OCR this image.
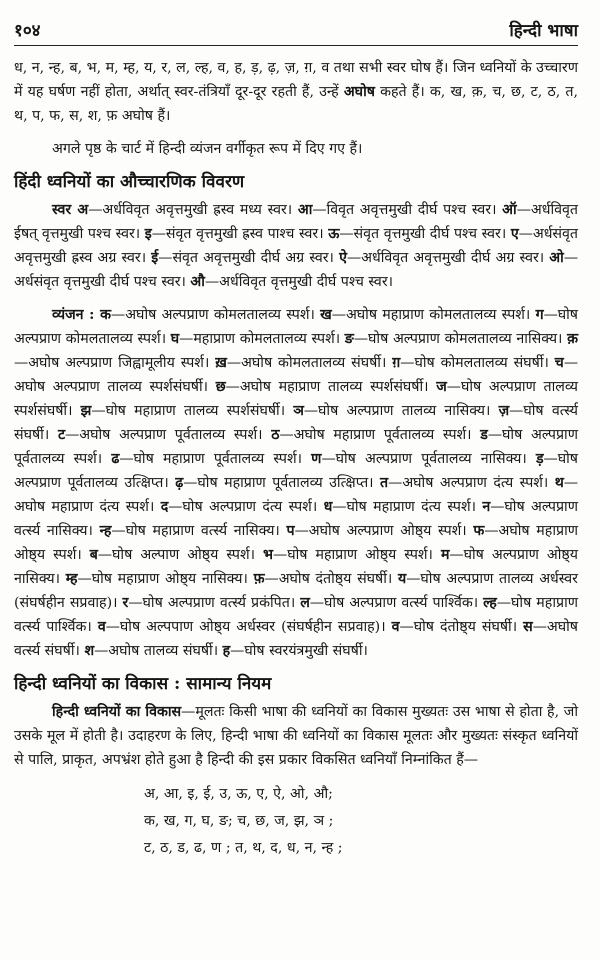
१०४	हिन्दी भाषा

ध, न, न्ह, ब, भ, म, म्ह, य, र, ल, ल्ह, व, ह, ड़, ढ़, ज़, ग़, व तथा सभी स्वर घोष हैं। जिन ध्वनियों के उच्चारण में यह घर्षण नहीं होता, अर्थात् स्वर-तंत्रियाँ दूर-दूर रहती हैं, उन्हें अघोष कहते हैं। क, ख, क़, च, छ, ट, ठ, त, थ, प, फ, स, श, फ़ अघोष हैं।

अगले पृष्ठ के चार्ट में हिन्दी व्यंजन वर्गीकृत रूप में दिए गए हैं।

हिंदी ध्वनियों का औच्चारणिक विवरण

स्वर अ—अर्धविवृत अवृत्तमुखी ह्रस्व मध्य स्वर। आ—विवृत अवृत्तमुखी दीर्घ पश्च स्वर। ऑ—अर्धविवृत ईषत् वृत्तमुखी पश्च स्वर। इ—संवृत वृत्तमुखी ह्रस्व पाश्च स्वर। ऊ—संवृत वृत्तमुखी दीर्घ पश्च स्वर। ए—अर्धसंवृत अवृत्तमुखी ह्रस्व अग्र स्वर। ई—संवृत अवृत्तमुखी दीर्घ अग्र स्वर। ऐ—अर्धविवृत अवृत्तमुखी दीर्घ अग्र स्वर। ओ—अर्धसंवृत वृत्तमुखी दीर्घ पश्च स्वर। औ—अर्धविवृत वृत्तमुखी दीर्घ पश्च स्वर।

व्यंजन : क—अघोष अल्पप्राण कोमलतालव्य स्पर्श। ख—अघोष महाप्राण कोमलतालव्य स्पर्श। ग—घोष अल्पप्राण कोमलतालव्य स्पर्श। घ—महाप्राण कोमलतालव्य स्पर्श। ङ—घोष अल्पप्राण कोमलतालव्य नासिक्य। क़—अघोष अल्पप्राण जिह्वामूलीय स्पर्श। ख़—अघोष कोमलतालव्य संघर्षी। ग़—घोष कोमलतालव्य संघर्षी। च—अघोष अल्पप्राण तालव्य स्पर्शसंघर्षी। छ—अघोष महाप्राण तालव्य स्पर्शसंघर्षी। ज—घोष अल्पप्राण तालव्य स्पर्शसंघर्षी। झ—घोष महाप्राण तालव्य स्पर्शसंघर्षी। ञ—घोष अल्पप्राण तालव्य नासिक्य। ज़—घोष वर्त्स्य संघर्षी। ट—अघोष अल्पप्राण पूर्वतालव्य स्पर्श। ठ—अघोष महाप्राण पूर्वतालव्य स्पर्श। ड—घोष अल्पप्राण पूर्वतालव्य स्पर्श। ढ—घोष महाप्राण पूर्वतालव्य स्पर्श। ण—घोष अल्पप्राण पूर्वतालव्य नासिक्य। ड़—घोष अल्पप्राण पूर्वतालव्य उत्क्षिप्त। ढ़—घोष महाप्राण पूर्वतालव्य उत्क्षिप्त। त—अघोष अल्पप्राण दंत्य स्पर्श। थ—अघोष महाप्राण दंत्य स्पर्श। द—घोष अल्पप्राण दंत्य स्पर्श। ध—घोष महाप्राण दंत्य स्पर्श। न—घोष अल्पप्राण वर्त्स्य नासिक्य। न्ह—घोष महाप्राण वर्त्स्य नासिक्य। प—अघोष अल्पप्राण ओष्ठ्य स्पर्श। फ—अघोष महाप्राण ओष्ठ्य स्पर्श। ब—घोष अल्पाण ओष्ठ्य स्पर्श। भ—घोष महाप्राण ओष्ठ्य स्पर्श। म—घोष अल्पप्राण ओष्ठ्य नासिक्य। म्ह—घोष महाप्राण ओष्ठ्य नासिक्य। फ़—अघोष दंतोष्ठ्य संघर्षी। य—घोष अल्पप्राण तालव्य अर्धस्वर (संघर्षहीन सप्रवाह)। र—घोष अल्पप्राण वर्त्स्य प्रकंपित। ल—घोष अल्पप्राण वर्त्स्य पार्श्विक। ल्ह—घोष महाप्राण वर्त्स्य पार्श्विक। व—घोष अल्पपाण ओष्ठ्य अर्धस्वर (संघर्षहीन सप्रवाह)। व—घोष दंतोष्ठ्य संघर्षी। स—अघोष वर्त्स्य संघर्षी। श—अघोष तालव्य संघर्षी। ह—घोष स्वरयंत्रमुखी संघर्षी।

हिन्दी ध्वनियों का विकास : सामान्य नियम

हिन्दी ध्वनियों का विकास—मूलतः किसी भाषा की ध्वनियों का विकास मुख्यतः उस भाषा से होता है, जो उसके मूल में होती है। उदाहरण के लिए, हिन्दी भाषा की ध्वनियों का विकास मूलतः और मुख्यतः संस्कृत ध्वनियों से पालि, प्राकृत, अपभ्रंश होते हुआ है हिन्दी की इस प्रकार विकसित ध्वनियाँ निम्नांकित हैं—

अ, आ, इ, ई, उ, ऊ, ए, ऐ, ओ, औ;
क, ख, ग, घ, ङ; च, छ, ज, झ, ञ ;
ट, ठ, ड, ढ, ण ; त, थ, द, ध, न, न्ह ;
